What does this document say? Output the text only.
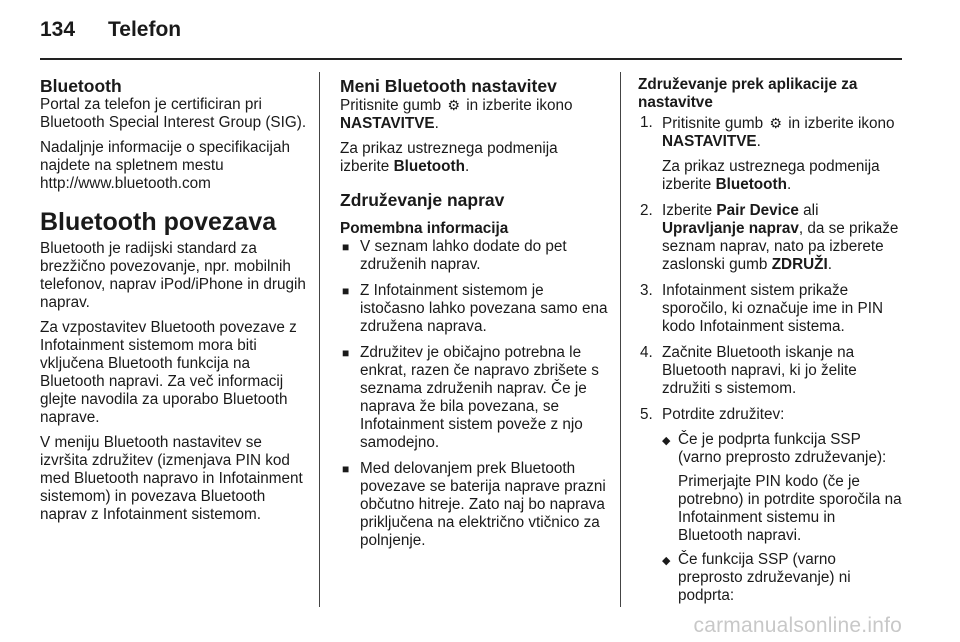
134 Telefon
Bluetooth

Portal za telefon je certificiran pri Bluetooth Special Interest Group (SIG).

Nadaljnje informacije o specifikacijah najdete na spletnem mestu http://www.bluetooth.com

Bluetooth povezava

Bluetooth je radijski standard za brezžično povezovanje, npr. mobilnih telefonov, naprav iPod/iPhone in drugih naprav.

Za vzpostavitev Bluetooth povezave z Infotainment sistemom mora biti vključena Bluetooth funkcija na Bluetooth napravi. Za več informacij glejte navodila za uporabo Bluetooth naprave.

V meniju Bluetooth nastavitev se izvršita združitev (izmenjava PIN kod med Bluetooth napravo in Infotainment sistemom) in povezava Bluetooth naprav z Infotainment sistemom.

Meni Bluetooth nastavitev

Pritisnite gumb ⚙ in izberite ikono NASTAVITVE.

Za prikaz ustreznega podmenija izberite Bluetooth.

Združevanje naprav
Pomembna informacija
■ V seznam lahko dodate do pet združenih naprav.
■ Z Infotainment sistemom je istočasno lahko povezana samo ena združena naprava.
■ Združitev je običajno potrebna le enkrat, razen če napravo zbrišete s seznama združenih naprav. Če je naprava že bila povezana, se Infotainment sistem poveže z njo samodejno.
■ Med delovanjem prek Bluetooth povezave se baterija naprave prazni občutno hitreje. Zato naj bo naprava priključena na električno vtičnico za polnjenje.
Združevanje prek aplikacije za nastavitve
1. Pritisnite gumb ⚙ in izberite ikono NASTAVITVE.

Za prikaz ustreznega podmenija izberite Bluetooth.

2. Izberite Pair Device ali Upravljanje naprav, da se prikaže seznam naprav, nato pa izberete zaslonski gumb ZDRUŽI.

3. Infotainment sistem prikaže sporočilo, ki označuje ime in PIN kodo Infotainment sistema.

4. Začnite Bluetooth iskanje na Bluetooth napravi, ki jo želite združiti s sistemom.

5. Potrdite združitev:

◆ Če je podprta funkcija SSP (varno preprosto združevanje):

Primerjajte PIN kodo (če je potrebno) in potrdite sporočila na Infotainment sistemu in Bluetooth napravi.

◆ Če funkcija SSP (varno preprosto združevanje) ni podprta:

carmanualsonline.info
